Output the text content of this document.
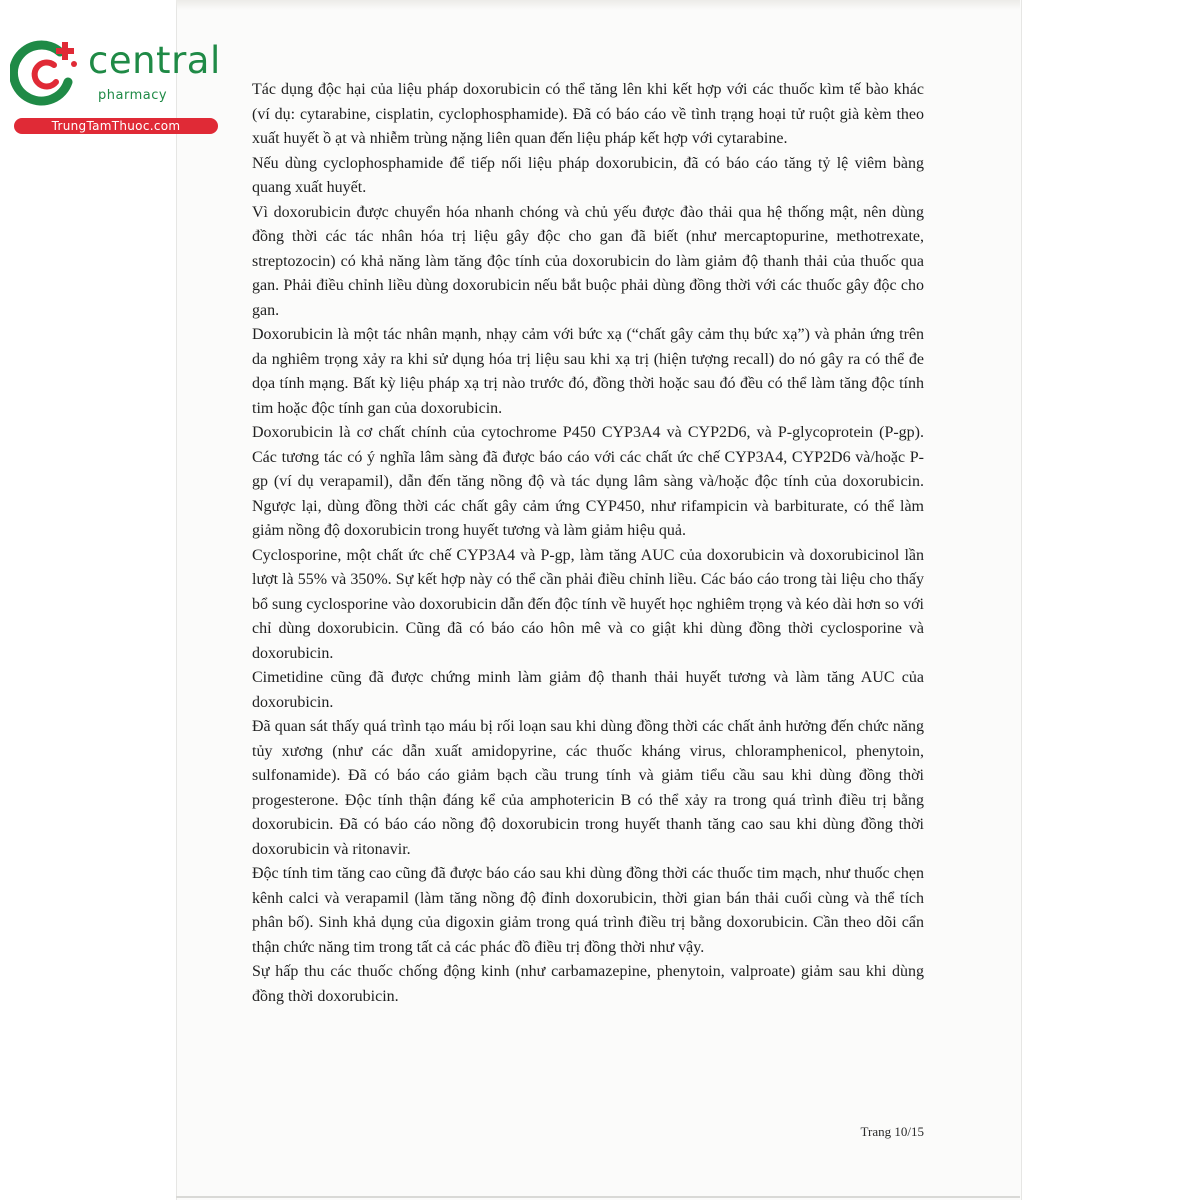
central
pharmacy
TrungTamThuoc.com

Tác dụng độc hại của liệu pháp doxorubicin có thể tăng lên khi kết hợp với các thuốc kìm tế bào khác (ví dụ: cytarabine, cisplatin, cyclophosphamide). Đã có báo cáo về tình trạng hoại tử ruột già kèm theo xuất huyết ồ ạt và nhiễm trùng nặng liên quan đến liệu pháp kết hợp với cytarabine.

Nếu dùng cyclophosphamide để tiếp nối liệu pháp doxorubicin, đã có báo cáo tăng tỷ lệ viêm bàng quang xuất huyết.

Vì doxorubicin được chuyển hóa nhanh chóng và chủ yếu được đào thải qua hệ thống mật, nên dùng đồng thời các tác nhân hóa trị liệu gây độc cho gan đã biết (như mercaptopurine, methotrexate, streptozocin) có khả năng làm tăng độc tính của doxorubicin do làm giảm độ thanh thải của thuốc qua gan. Phải điều chỉnh liều dùng doxorubicin nếu bắt buộc phải dùng đồng thời với các thuốc gây độc cho gan.

Doxorubicin là một tác nhân mạnh, nhạy cảm với bức xạ (“chất gây cảm thụ bức xạ”) và phản ứng trên da nghiêm trọng xảy ra khi sử dụng hóa trị liệu sau khi xạ trị (hiện tượng recall) do nó gây ra có thể đe dọa tính mạng. Bất kỳ liệu pháp xạ trị nào trước đó, đồng thời hoặc sau đó đều có thể làm tăng độc tính tim hoặc độc tính gan của doxorubicin.

Doxorubicin là cơ chất chính của cytochrome P450 CYP3A4 và CYP2D6, và P-glycoprotein (P-gp). Các tương tác có ý nghĩa lâm sàng đã được báo cáo với các chất ức chế CYP3A4, CYP2D6 và/hoặc P-gp (ví dụ verapamil), dẫn đến tăng nồng độ và tác dụng lâm sàng và/hoặc độc tính của doxorubicin. Ngược lại, dùng đồng thời các chất gây cảm ứng CYP450, như rifampicin và barbiturate, có thể làm giảm nồng độ doxorubicin trong huyết tương và làm giảm hiệu quả.

Cyclosporine, một chất ức chế CYP3A4 và P-gp, làm tăng AUC của doxorubicin và doxorubicinol lần lượt là 55% và 350%. Sự kết hợp này có thể cần phải điều chỉnh liều. Các báo cáo trong tài liệu cho thấy bổ sung cyclosporine vào doxorubicin dẫn đến độc tính về huyết học nghiêm trọng và kéo dài hơn so với chỉ dùng doxorubicin. Cũng đã có báo cáo hôn mê và co giật khi dùng đồng thời cyclosporine và doxorubicin.

Cimetidine cũng đã được chứng minh làm giảm độ thanh thải huyết tương và làm tăng AUC của doxorubicin.

Đã quan sát thấy quá trình tạo máu bị rối loạn sau khi dùng đồng thời các chất ảnh hưởng đến chức năng tủy xương (như các dẫn xuất amidopyrine, các thuốc kháng virus, chloramphenicol, phenytoin, sulfonamide). Đã có báo cáo giảm bạch cầu trung tính và giảm tiểu cầu sau khi dùng đồng thời progesterone. Độc tính thận đáng kể của amphotericin B có thể xảy ra trong quá trình điều trị bằng doxorubicin. Đã có báo cáo nồng độ doxorubicin trong huyết thanh tăng cao sau khi dùng đồng thời doxorubicin và ritonavir.

Độc tính tim tăng cao cũng đã được báo cáo sau khi dùng đồng thời các thuốc tim mạch, như thuốc chẹn kênh calci và verapamil (làm tăng nồng độ đỉnh doxorubicin, thời gian bán thải cuối cùng và thể tích phân bố). Sinh khả dụng của digoxin giảm trong quá trình điều trị bằng doxorubicin. Cần theo dõi cẩn thận chức năng tim trong tất cả các phác đồ điều trị đồng thời như vậy.

Sự hấp thu các thuốc chống động kinh (như carbamazepine, phenytoin, valproate) giảm sau khi dùng đồng thời doxorubicin.

Trang 10/15
